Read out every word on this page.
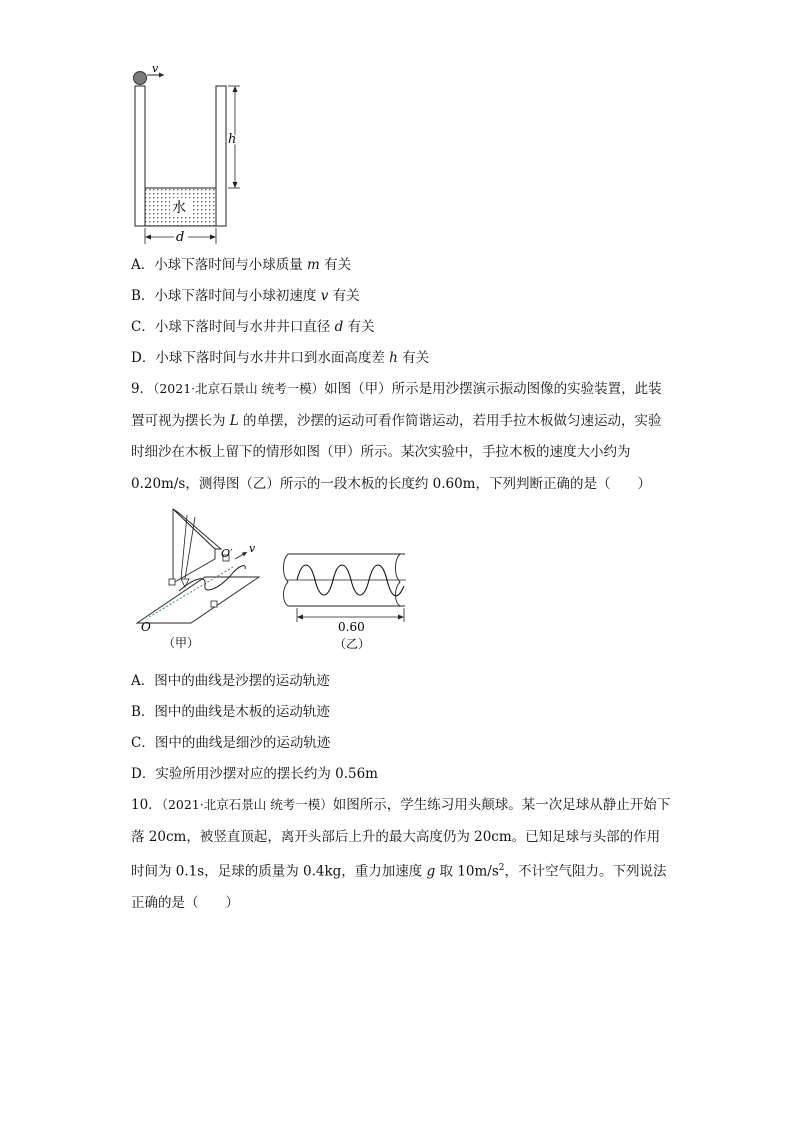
v
水
h
d
A．小球下落时间与小球质量 m 有关
B．小球下落时间与小球初速度 v 有关
C．小球下落时间与水井井口直径 d 有关
D．小球下落时间与水井井口到水面高度差 h 有关
9．（2021·北京石景山 统考一模）如图（甲）所示是用沙摆演示振动图像的实验装置，此装置可视为摆长为 L 的单摆，沙摆的运动可看作简谐运动，若用手拉木板做匀速运动，实验时细沙在木板上留下的情形如图（甲）所示。某次实验中，手拉木板的速度大小约为 0.20m/s，测得图（乙）所示的一段木板的长度约 0.60m，下列判断正确的是（　　）
O′ v
O
（甲）
0.60
（乙）
A．图中的曲线是沙摆的运动轨迹
B．图中的曲线是木板的运动轨迹
C．图中的曲线是细沙的运动轨迹
D．实验所用沙摆对应的摆长约为 0.56m
10．（2021·北京石景山 统考一模）如图所示，学生练习用头颠球。某一次足球从静止开始下落 20cm，被竖直顶起，离开头部后上升的最大高度仍为 20cm。已知足球与头部的作用时间为 0.1s，足球的质量为 0.4kg，重力加速度 g 取 $10m/s^2$，不计空气阻力。下列说法正确的是（　　）
